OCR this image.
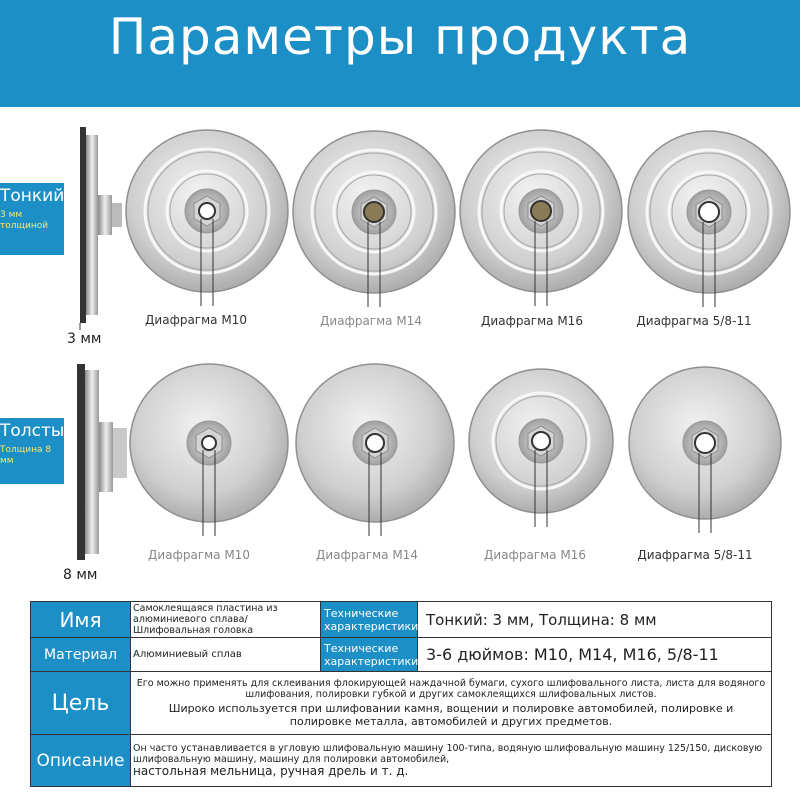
Параметры продукта
Тонкий
3 мм толщиной
3 мм
Диафрагма М10	Диафрагма М14	Диафрагма М16	Диафрагма 5/8-11
Толстый
Толщина 8 мм
8 мм
Диафрагма М10	Диафрагма М14	Диафрагма М16	Диафрагма 5/8-11
Имя	Самоклеящаяся пластина из алюминиевого сплава/Шлифовальная головка	Технические характеристики	Тонкий: 3 мм, Толщина: 8 мм
Материал	Алюминиевый сплав	Технические характеристики	3-6 дюймов: M10, M14, M16, 5/8-11
Цель	Его можно применять для склеивания флокирующей наждачной бумаги, сухого шлифовального листа, листа для водяного шлифования, полировки губкой и других самоклеящихся шлифовальных листов.
Широко используется при шлифовании камня, вощении и полировке автомобилей, полировке и полировке металла, автомобилей и других предметов.		

Описание	Он часто устанавливается в угловую шлифовальную машину 100-типа, водяную шлифовальную машину 125/150, дисковую шлифовальную машину, машину для полировки автомобилей,
настольная мельница, ручная дрель и т. д.		
